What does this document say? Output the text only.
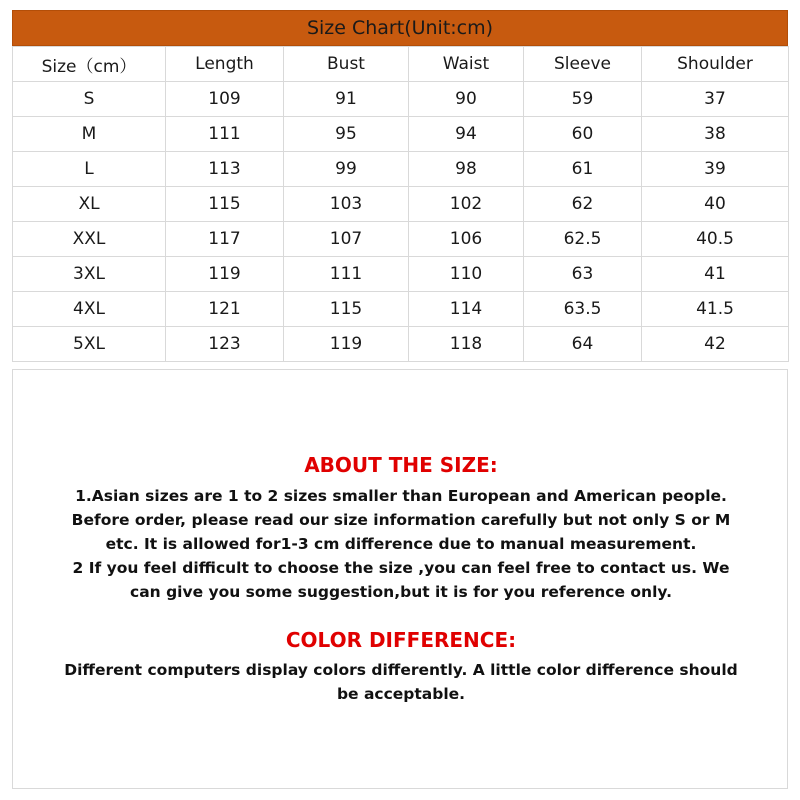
Size Chart(Unit:cm)
Size（cm）	Length	Bust	Waist	Sleeve	Shoulder
S	109	91	90	59	37
M	111	95	94	60	38
L	113	99	98	61	39
XL	115	103	102	62	40
XXL	117	107	106	62.5	40.5
3XL	119	111	110	63	41
4XL	121	115	114	63.5	41.5
5XL	123	119	118	64	42
ABOUT THE SIZE:
1.Asian sizes are 1 to 2 sizes smaller than European and American people.
Before order, please read our size information carefully but not only S or M
etc. It is allowed for1-3 cm difference due to manual measurement.
2 If you feel difficult to choose the size ,you can feel free to contact us. We
can give you some suggestion,but it is for you reference only.
COLOR DIFFERENCE:
Different computers display colors differently. A little color difference should
be acceptable.
